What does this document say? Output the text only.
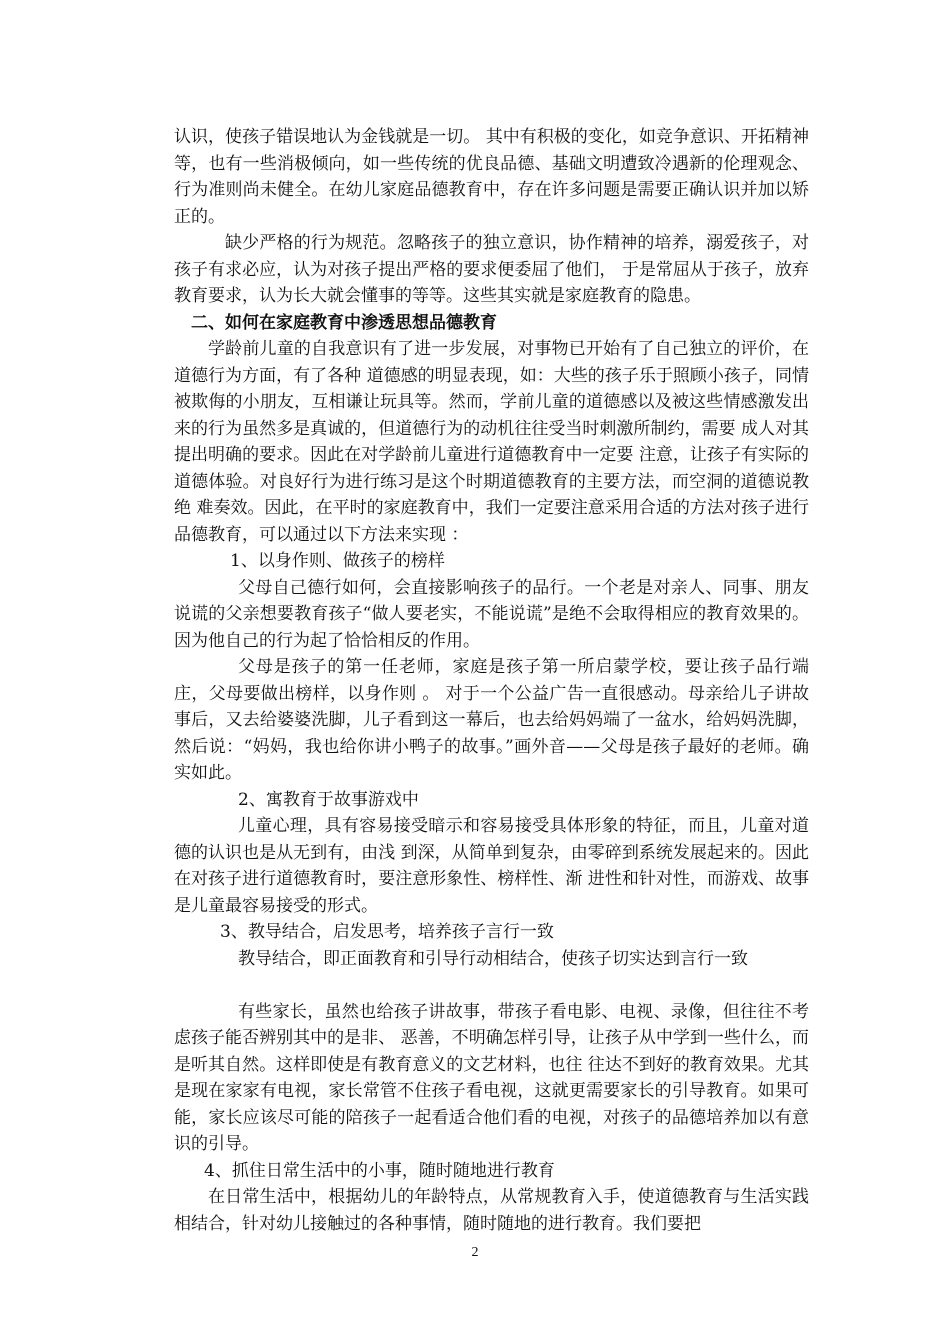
认识，使孩子错误地认为金钱就是一切。 其中有积极的变化，如竞争意识、开拓精神等，也有一些消极倾向，如一些传统的优良品德、基础文明遭致冷遇新的伦理观念、行为准则尚未健全。在幼儿家庭品德教育中，存在许多问题是需要正确认识并加以矫正的。

缺少严格的行为规范。忽略孩子的独立意识，协作精神的培养，溺爱孩子，对孩子有求必应，认为对孩子提出严格的要求便委屈了他们， 于是常屈从于孩子，放弃教育要求，认为长大就会懂事的等等。这些其实就是家庭教育的隐患。

二、如何在家庭教育中渗透思想品德教育

学龄前儿童的自我意识有了进一步发展，对事物已开始有了自己独立的评价，在道德行为方面，有了各种 道德感的明显表现，如：大些的孩子乐于照顾小孩子，同情被欺侮的小朋友，互相谦让玩具等。然而，学前儿童的道德感以及被这些情感激发出来的行为虽然多是真诚的，但道德行为的动机往往受当时刺激所制约，需要 成人对其提出明确的要求。因此在对学龄前儿童进行道德教育中一定要 注意，让孩子有实际的道德体验。对良好行为进行练习是这个时期道德教育的主要方法，而空洞的道德说教绝 难奏效。因此，在平时的家庭教育中，我们一定要注意采用合适的方法对孩子进行品德教育，可以通过以下方法来实现 ：

1、以身作则、做孩子的榜样

父母自己德行如何，会直接影响孩子的品行。一个老是对亲人、同事、朋友说谎的父亲想要教育孩子“做人要老实，不能说谎”是绝不会取得相应的教育效果的。因为他自己的行为起了恰恰相反的作用。

父母是孩子的第一任老师，家庭是孩子第一所启蒙学校，要让孩子品行端庄，父母要做出榜样，以身作则 。 对于一个公益广告一直很感动。母亲给儿子讲故事后，又去给婆婆洗脚，儿子看到这一幕后，也去给妈妈端了一盆水，给妈妈洗脚，然后说：“妈妈，我也给你讲小鸭子的故事。”画外音——父母是孩子最好的老师。确实如此。

2、寓教育于故事游戏中

儿童心理，具有容易接受暗示和容易接受具体形象的特征，而且，儿童对道德的认识也是从无到有，由浅 到深，从简单到复杂，由零碎到系统发展起来的。因此在对孩子进行道德教育时，要注意形象性、榜样性、渐 进性和针对性，而游戏、故事是儿童最容易接受的形式。

3、教导结合，启发思考，培养孩子言行一致

教导结合，即正面教育和引导行动相结合，使孩子切实达到言行一致

有些家长，虽然也给孩子讲故事，带孩子看电影、电视、录像，但往往不考虑孩子能否辨别其中的是非、 恶善，不明确怎样引导，让孩子从中学到一些什么，而是听其自然。这样即使是有教育意义的文艺材料，也往 往达不到好的教育效果。尤其是现在家家有电视，家长常管不住孩子看电视，这就更需要家长的引导教育。如果可能，家长应该尽可能的陪孩子一起看适合他们看的电视，对孩子的品德培养加以有意识的引导。

4、抓住日常生活中的小事，随时随地进行教育

在日常生活中，根据幼儿的年龄特点，从常规教育入手，使道德教育与生活实践相结合，针对幼儿接触过的各种事情，随时随地的进行教育。我们要把

2
